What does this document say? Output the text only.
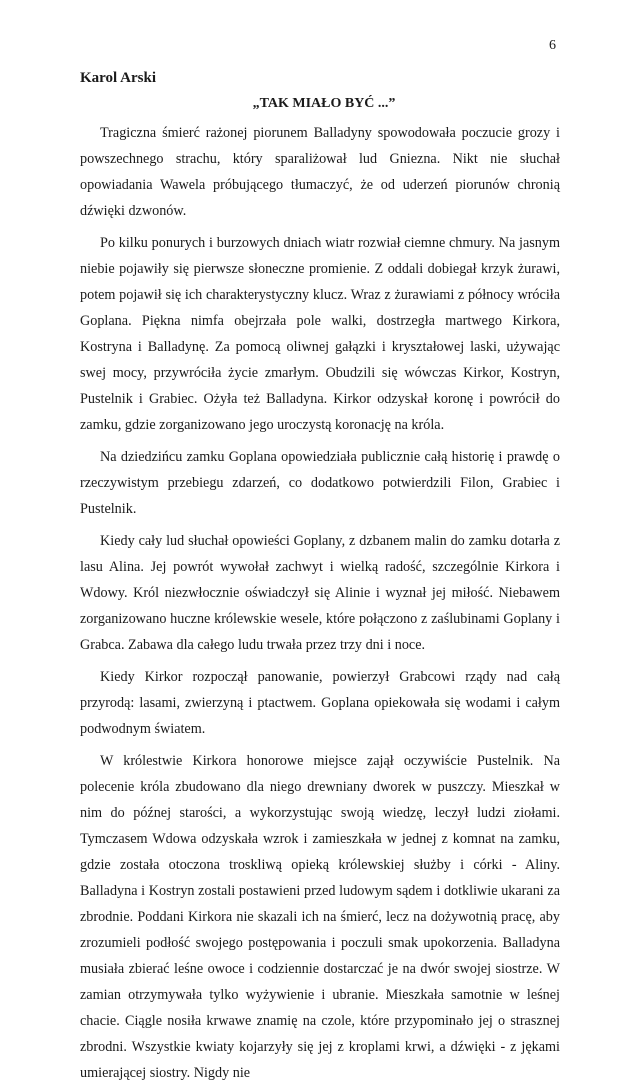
6
Karol Arski
„TAK MIAŁO BYĆ ...”

Tragiczna śmierć rażonej piorunem Balladyny spowodowała poczucie grozy i powszechnego strachu, który sparaliżował lud Gniezna. Nikt nie słuchał opowiadania Wawela próbującego tłumaczyć, że od uderzeń piorunów chronią dźwięki dzwonów.

Po kilku ponurych i burzowych dniach wiatr rozwiał ciemne chmury. Na jasnym niebie pojawiły się pierwsze słoneczne promienie. Z oddali dobiegał krzyk żurawi, potem pojawił się ich charakterystyczny klucz. Wraz z żurawiami z północy wróciła Goplana. Piękna nimfa obejrzała pole walki, dostrzegła martwego Kirkora, Kostryna i Balladynę. Za pomocą oliwnej gałązki i kryształowej laski, używając swej mocy, przywróciła życie zmarłym. Obudzili się wówczas Kirkor, Kostryn, Pustelnik i Grabiec. Ożyła też Balladyna. Kirkor odzyskał koronę i powrócił do zamku, gdzie zorganizowano jego uroczystą koronację na króla.

Na dziedzińcu zamku Goplana opowiedziała publicznie całą historię i prawdę o rzeczywistym przebiegu zdarzeń, co dodatkowo potwierdzili Filon, Grabiec i Pustelnik.

Kiedy cały lud słuchał opowieści Goplany, z dzbanem malin do zamku dotarła z lasu Alina. Jej powrót wywołał zachwyt i wielką radość, szczególnie Kirkora i Wdowy. Król niezwłocznie oświadczył się Alinie i wyznał jej miłość. Niebawem zorganizowano huczne królewskie wesele, które połączono z zaślubinami Goplany i Grabca. Zabawa dla całego ludu trwała przez trzy dni i noce.

Kiedy Kirkor rozpoczął panowanie, powierzył Grabcowi rządy nad całą przyrodą: lasami, zwierzyną i ptactwem. Goplana opiekowała się wodami i całym podwodnym światem.

W królestwie Kirkora honorowe miejsce zajął oczywiście Pustelnik. Na polecenie króla zbudowano dla niego drewniany dworek w puszczy. Mieszkał w nim do późnej starości, a wykorzystując swoją wiedzę, leczył ludzi ziołami. Tymczasem Wdowa odzyskała wzrok i zamieszkała w jednej z komnat na zamku, gdzie została otoczona troskliwą opieką królewskiej służby i córki - Aliny. Balladyna i Kostryn zostali postawieni przed ludowym sądem i dotkliwie ukarani za zbrodnie. Poddani Kirkora nie skazali ich na śmierć, lecz na dożywotnią pracę, aby zrozumieli podłość swojego postępowania i poczuli smak upokorzenia. Balladyna musiała zbierać leśne owoce i codziennie dostarczać je na dwór swojej siostrze. W zamian otrzymywała tylko wyżywienie i ubranie. Mieszkała samotnie w leśnej chacie. Ciągle nosiła krwawe znamię na czole, które przypominało jej o strasznej zbrodni. Wszystkie kwiaty kojarzyły się jej z kroplami krwi, a dźwięki - z jękami umierającej siostry. Nigdy nie
